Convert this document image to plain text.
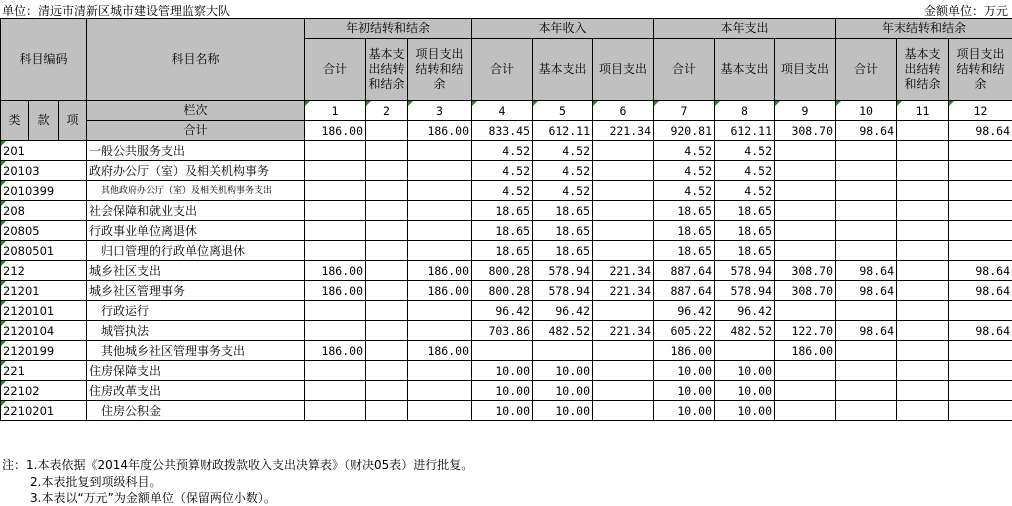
单位：清远市清新区城市建设管理监察大队	金额单位：万元
科目编码			科目名称	年初结转和结余			本年收入			本年支出			年末结转和结余		
				合计	基本支出结转和结余	项目支出结转和结余	合计	基本支出	项目支出	合计	基本支出	项目支出	合计	基本支出结转和结余	项目支出结转和结余

类	款	项	栏次	1	2	3	4	5	6	7	8	9	10	11	12
			合计	186.00		186.00	833.45	612.11	221.34	920.81	612.11	308.70	98.64		98.64
201			一般公共服务支出				4.52	4.52		4.52	4.52				
20103			政府办公厅（室）及相关机构事务				4.52	4.52		4.52	4.52				
2010399			其他政府办公厅（室）及相关机构事务支出				4.52	4.52		4.52	4.52				
208			社会保障和就业支出				18.65	18.65		18.65	18.65				
20805			行政事业单位离退休				18.65	18.65		18.65	18.65				
2080501			归口管理的行政单位离退休				18.65	18.65		18.65	18.65				
212			城乡社区支出	186.00		186.00	800.28	578.94	221.34	887.64	578.94	308.70	98.64		98.64
21201			城乡社区管理事务	186.00		186.00	800.28	578.94	221.34	887.64	578.94	308.70	98.64		98.64
2120101			行政运行				96.42	96.42		96.42	96.42				
2120104			城管执法				703.86	482.52	221.34	605.22	482.52	122.70	98.64		98.64
2120199			其他城乡社区管理事务支出	186.00		186.00				186.00		186.00			
221			住房保障支出				10.00	10.00		10.00	10.00				
22102			住房改革支出				10.00	10.00		10.00	10.00				
2210201			住房公积金				10.00	10.00		10.00	10.00				
注：1.本表依据《2014年度公共预算财政拨款收入支出决算表》（财决05表）进行批复。
2.本表批复到项级科目。
3.本表以“万元”为金额单位（保留两位小数）。
